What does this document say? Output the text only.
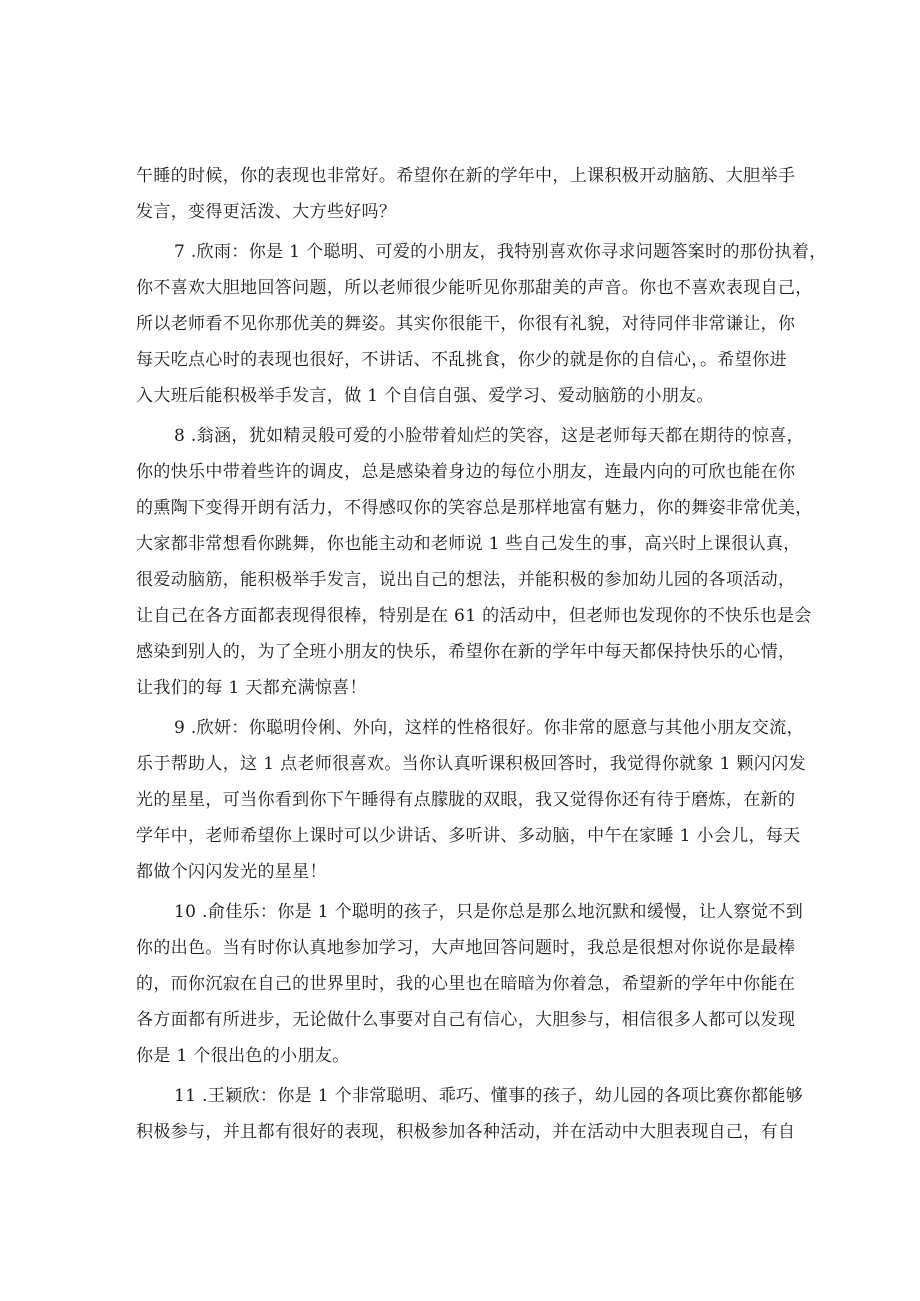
午睡的时候，你的表现也非常好。希望你在新的学年中，上课积极开动脑筋、大胆举手
发言，变得更活泼、大方些好吗？
7 .欣雨：你是 1 个聪明、可爱的小朋友，我特别喜欢你寻求问题答案时的那份执着，
你不喜欢大胆地回答问题，所以老师很少能听见你那甜美的声音。你也不喜欢表现自己，
所以老师看不见你那优美的舞姿。其实你很能干，你很有礼貌，对待同伴非常谦让，你
每天吃点心时的表现也很好，不讲话、不乱挑食，你少的就是你的自信心，。希望你进
入大班后能积极举手发言，做 1 个自信自强、爱学习、爱动脑筋的小朋友。
8 .翁涵，犹如精灵般可爱的小脸带着灿烂的笑容，这是老师每天都在期待的惊喜，
你的快乐中带着些许的调皮，总是感染着身边的每位小朋友，连最内向的可欣也能在你
的熏陶下变得开朗有活力，不得感叹你的笑容总是那样地富有魅力，你的舞姿非常优美，
大家都非常想看你跳舞，你也能主动和老师说 1 些自己发生的事，高兴时上课很认真，
很爱动脑筋，能积极举手发言，说出自己的想法，并能积极的参加幼儿园的各项活动，
让自己在各方面都表现得很棒，特别是在 61 的活动中，但老师也发现你的不快乐也是会
感染到别人的，为了全班小朋友的快乐，希望你在新的学年中每天都保持快乐的心情，
让我们的每 1 天都充满惊喜！
9 .欣妍：你聪明伶俐、外向，这样的性格很好。你非常的愿意与其他小朋友交流，
乐于帮助人，这 1 点老师很喜欢。当你认真听课积极回答时，我觉得你就象 1 颗闪闪发
光的星星，可当你看到你下午睡得有点朦胧的双眼，我又觉得你还有待于磨炼，在新的
学年中，老师希望你上课时可以少讲话、多听讲、多动脑，中午在家睡 1 小会儿，每天
都做个闪闪发光的星星！
10 .俞佳乐：你是 1 个聪明的孩子，只是你总是那么地沉默和缓慢，让人察觉不到
你的出色。当有时你认真地参加学习，大声地回答问题时，我总是很想对你说你是最棒
的，而你沉寂在自己的世界里时，我的心里也在暗暗为你着急，希望新的学年中你能在
各方面都有所进步，无论做什么事要对自己有信心，大胆参与，相信很多人都可以发现
你是 1 个很出色的小朋友。
11 .王颖欣：你是 1 个非常聪明、乖巧、懂事的孩子，幼儿园的各项比赛你都能够
积极参与，并且都有很好的表现，积极参加各种活动，并在活动中大胆表现自己，有自
